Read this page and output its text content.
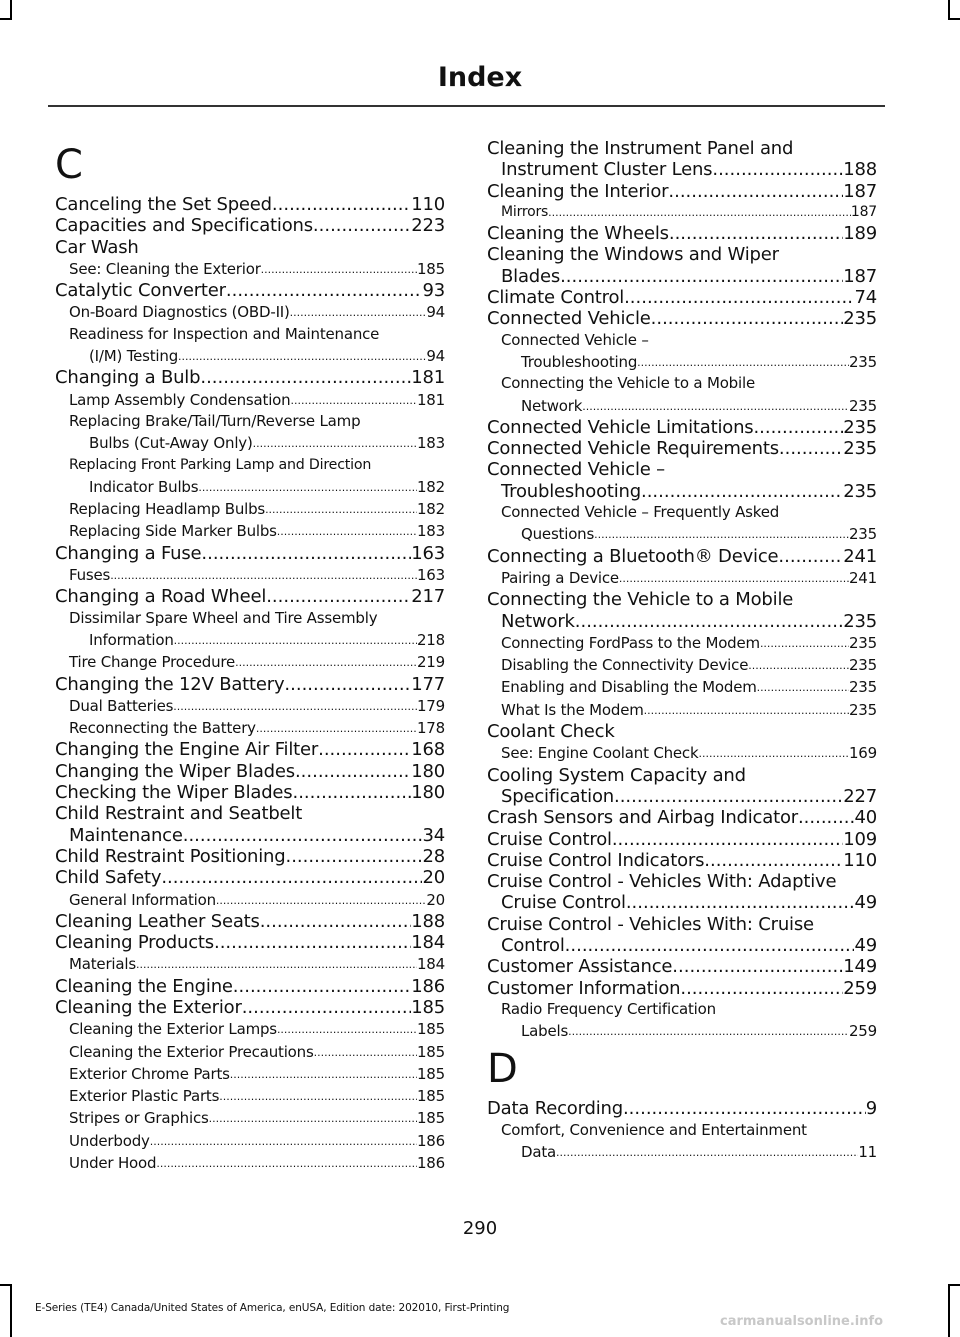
Index
C
Canceling the Set Speed .....	110
Capacities and Specifications .....	223
Car Wash
See: Cleaning the Exterior .....	185
Catalytic Converter .....	93
On-Board Diagnostics (OBD-II) .....	94
Readiness for Inspection and Maintenance
(I/M) Testing .....	94
Changing a Bulb .....	181
Lamp Assembly Condensation .....	181
Replacing Brake/Tail/Turn/Reverse Lamp
Bulbs (Cut-Away Only) .....	183
Replacing Front Parking Lamp and Direction
Indicator Bulbs .....	182
Replacing Headlamp Bulbs .....	182
Replacing Side Marker Bulbs .....	183
Changing a Fuse .....	163
Fuses .....	163
Changing a Road Wheel .....	217
Dissimilar Spare Wheel and Tire Assembly
Information .....	218
Tire Change Procedure .....	219
Changing the 12V Battery .....	177
Dual Batteries .....	179
Reconnecting the Battery .....	178
Changing the Engine Air Filter .....	168
Changing the Wiper Blades .....	180
Checking the Wiper Blades .....	180
Child Restraint and Seatbelt
Maintenance .....	34
Child Restraint Positioning .....	28
Child Safety .....	20
General Information .....	20
Cleaning Leather Seats .....	188
Cleaning Products .....	184
Materials .....	184
Cleaning the Engine .....	186
Cleaning the Exterior .....	185
Cleaning the Exterior Lamps .....	185
Cleaning the Exterior Precautions .....	185
Exterior Chrome Parts .....	185
Exterior Plastic Parts .....	185
Stripes or Graphics .....	185
Underbody .....	186
Under Hood .....	186
Cleaning the Instrument Panel and
Instrument Cluster Lens .....	188
Cleaning the Interior .....	187
Mirrors .....	187
Cleaning the Wheels .....	189
Cleaning the Windows and Wiper
Blades .....	187
Climate Control .....	74
Connected Vehicle .....	235
Connected Vehicle –
Troubleshooting .....	235
Connecting the Vehicle to a Mobile
Network .....	235
Connected Vehicle Limitations .....	235
Connected Vehicle Requirements .....	235
Connected Vehicle –
Troubleshooting .....	235
Connected Vehicle – Frequently Asked
Questions .....	235
Connecting a Bluetooth® Device .....	241
Pairing a Device .....	241
Connecting the Vehicle to a Mobile
Network .....	235
Connecting FordPass to the Modem .....	235
Disabling the Connectivity Device .....	235
Enabling and Disabling the Modem .....	235
What Is the Modem .....	235
Coolant Check
See: Engine Coolant Check .....	169
Cooling System Capacity and
Specification .....	227
Crash Sensors and Airbag Indicator .....	40
Cruise Control .....	109
Cruise Control Indicators .....	110
Cruise Control - Vehicles With: Adaptive
Cruise Control .....	49
Cruise Control - Vehicles With: Cruise
Control .....	49
Customer Assistance .....	149
Customer Information .....	259
Radio Frequency Certification
Labels .....	259
D
Data Recording .....	9
Comfort, Convenience and Entertainment
Data .....	11
290
E-Series (TE4) Canada/United States of America, enUSA, Edition date: 202010, First-Printing
carmanualsonline.info
